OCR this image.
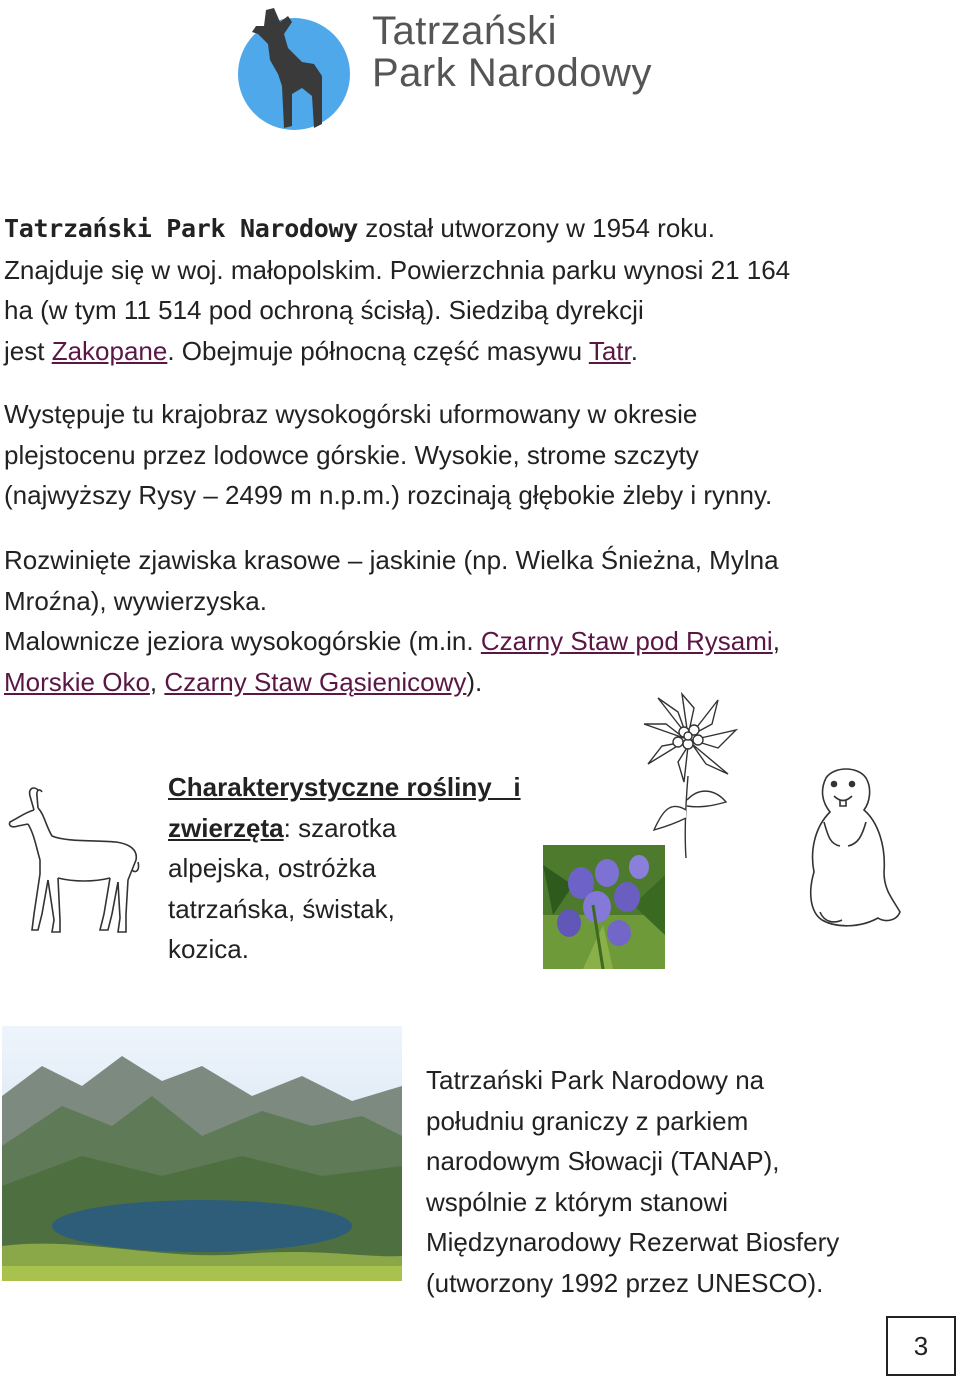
Tatrzański
Park Narodowy
Tatrzański Park Narodowy został utworzony w 1954 roku.
Znajduje się w woj. małopolskim. Powierzchnia parku wynosi 21 164
ha (w tym 11 514 pod ochroną ścisłą). Siedzibą dyrekcji
jest Zakopane. Obejmuje północną część masywu Tatr.
Występuje tu krajobraz wysokogórski uformowany w okresie
plejstocenu przez lodowce górskie. Wysokie, strome szczyty
(najwyższy Rysy – 2499 m n.p.m.) rozcinają głębokie żleby i rynny.
Rozwinięte zjawiska krasowe – jaskinie (np. Wielka Śnieżna, Mylna
Mroźna), wywierzyska.
Malownicze jeziora wysokogórskie (m.in. Czarny Staw pod Rysami,
Morskie Oko, Czarny Staw Gąsienicowy).
Charakterystyczne rośliny   i
zwierzęta: szarotka
alpejska, ostróżka
tatrzańska, świstak,
kozica.
Tatrzański Park Narodowy na
południu graniczy z parkiem
narodowym Słowacji (TANAP),
wspólnie z którym stanowi
Międzynarodowy Rezerwat Biosfery
(utworzony 1992 przez UNESCO).
3
